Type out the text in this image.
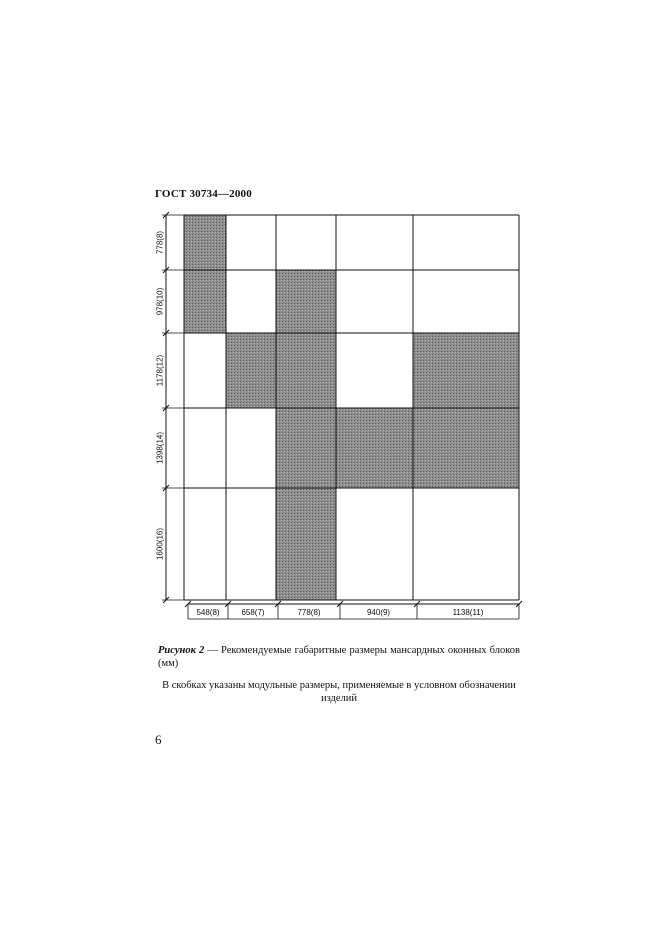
ГОСТ 30734—2000
778(8)
978(10)
1178(12)
1398(14)
1600(16)
548(8)	658(7)	778(8)	940(9)	1138(11)
Рисунок 2 — Рекомендуемые габаритные размеры мансардных оконных блоков (мм)
В скобках указаны модульные размеры, применяемые в условном обозначении изделий
6
